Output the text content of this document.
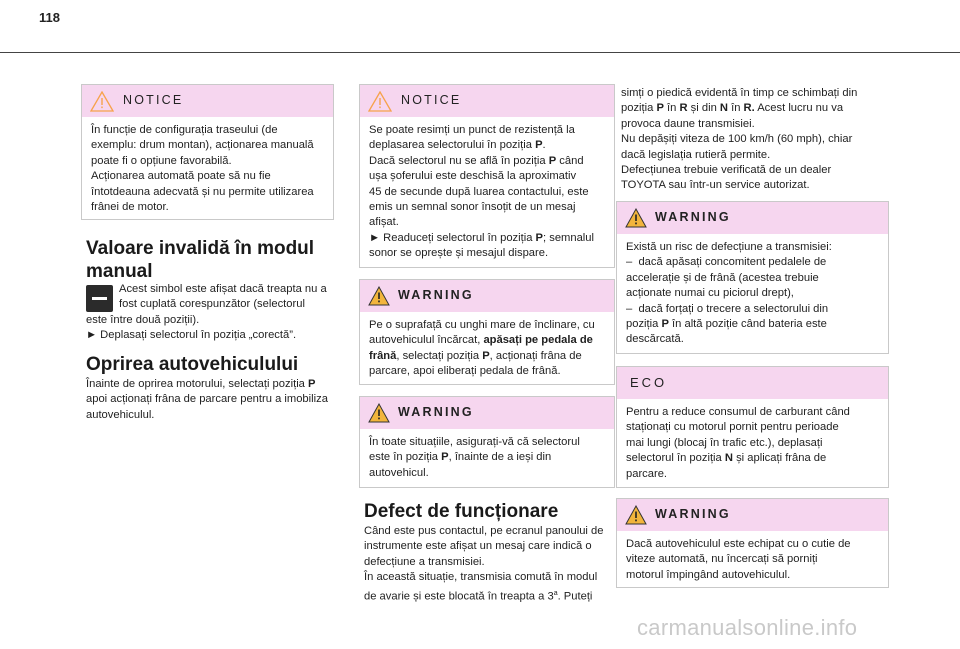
118
NOTICE
În funcție de configurația traseului (de
exemplu: drum montan), acționarea manuală
poate fi o opțiune favorabilă.
Acționarea automată poate să nu fie
întotdeauna adecvată și nu permite utilizarea
frânei de motor.
Valoare invalidă în modul
manual
Acest simbol este afișat dacă treapta nu a
fost cuplată corespunzător (selectorul
este între două poziții).
► Deplasați selectorul în poziția „corectă”.
Oprirea autovehiculului
Înainte de oprirea motorului, selectați poziția P
apoi acționați frâna de parcare pentru a imobiliza
autovehiculul.
NOTICE
Se poate resimți un punct de rezistență la
deplasarea selectorului în poziția P.
Dacă selectorul nu se află în poziția P când
ușa șoferului este deschisă la aproximativ
45 de secunde după luarea contactului, este
emis un semnal sonor însoțit de un mesaj
afișat.
► Readuceți selectorul în poziția P; semnalul
sonor se oprește și mesajul dispare.
WARNING
Pe o suprafață cu unghi mare de înclinare, cu
autovehiculul încărcat, apăsați pe pedala de
frână, selectați poziția P, acționați frâna de
parcare, apoi eliberați pedala de frână.
WARNING
În toate situațiile, asigurați-vă că selectorul
este în poziția P, înainte de a ieși din
autovehicul.
Defect de funcționare
Când este pus contactul, pe ecranul panoului de
instrumente este afișat un mesaj care indică o
defecțiune a transmisiei.
În această situație, transmisia comută în modul
de avarie și este blocată în treapta a 3$^a$. Puteți
simți o piedică evidentă în timp ce schimbați din
poziția P în R și din N în R. Acest lucru nu va
provoca daune transmisiei.
Nu depășiți viteza de 100 km/h (60 mph), chiar
dacă legislația rutieră permite.
Defecțiunea trebuie verificată de un dealer
TOYOTA sau într-un service autorizat.
WARNING
Există un risc de defecțiune a transmisiei:
–  dacă apăsați concomitent pedalele de
accelerație și de frână (acestea trebuie
acționate numai cu piciorul drept),
–  dacă forțați o trecere a selectorului din
poziția P în altă poziție când bateria este
descărcată.
ECO
Pentru a reduce consumul de carburant când
staționați cu motorul pornit pentru perioade
mai lungi (blocaj în trafic etc.), deplasați
selectorul în poziția N și aplicați frâna de
parcare.
WARNING
Dacă autovehiculul este echipat cu o cutie de
viteze automată, nu încercați să porniți
motorul împingând autovehiculul.
carmanualsonline.info
